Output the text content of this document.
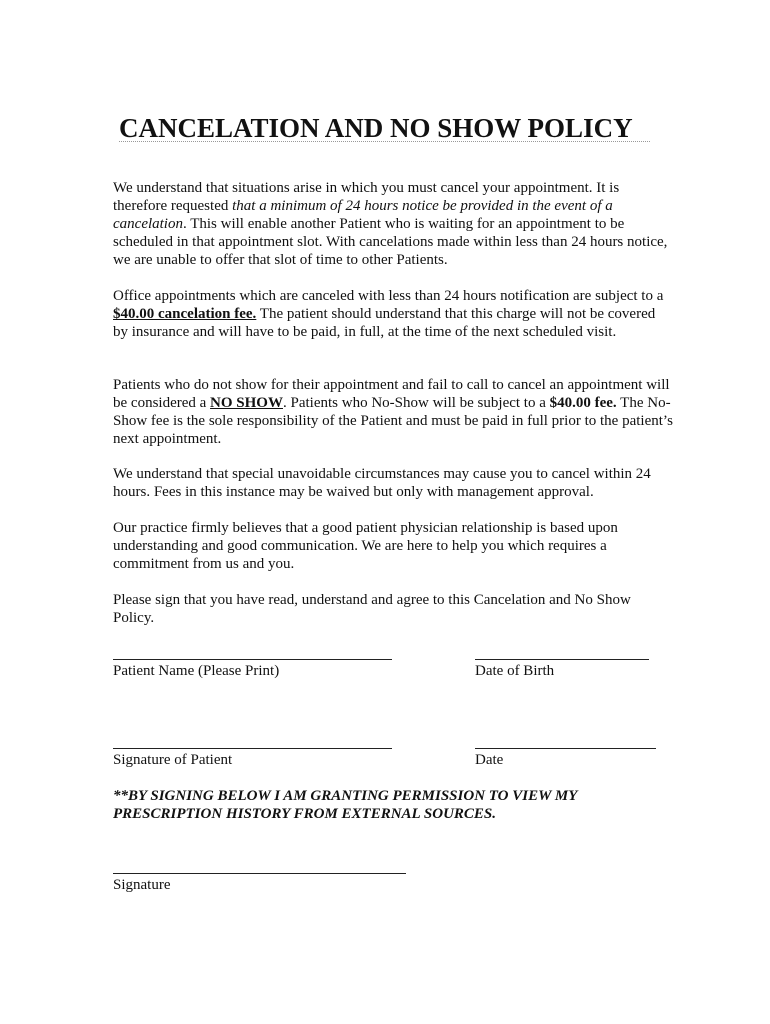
CANCELATION AND NO SHOW POLICY

We understand that situations arise in which you must cancel your appointment. It is therefore requested that a minimum of 24 hours notice be provided in the event of a cancelation. This will enable another Patient who is waiting for an appointment to be scheduled in that appointment slot. With cancelations made within less than 24 hours notice, we are unable to offer that slot of time to other Patients.

Office appointments which are canceled with less than 24 hours notification are subject to a $40.00 cancelation fee. The patient should understand that this charge will not be covered by insurance and will have to be paid, in full, at the time of the next scheduled visit.

Patients who do not show for their appointment and fail to call to cancel an appointment will be considered a NO SHOW. Patients who No-Show will be subject to a $40.00 fee. The No-Show fee is the sole responsibility of the Patient and must be paid in full prior to the patient’s next appointment.

We understand that special unavoidable circumstances may cause you to cancel within 24 hours. Fees in this instance may be waived but only with management approval.

Our practice firmly believes that a good patient physician relationship is based upon understanding and good communication. We are here to help you which requires a commitment from us and you.

Please sign that you have read, understand and agree to this Cancelation and No Show Policy.

Patient Name (Please Print)	Date of Birth
Signature of Patient	Date

**BY SIGNING BELOW I AM GRANTING PERMISSION TO VIEW MY PRESCRIPTION HISTORY FROM EXTERNAL SOURCES.

Signature
